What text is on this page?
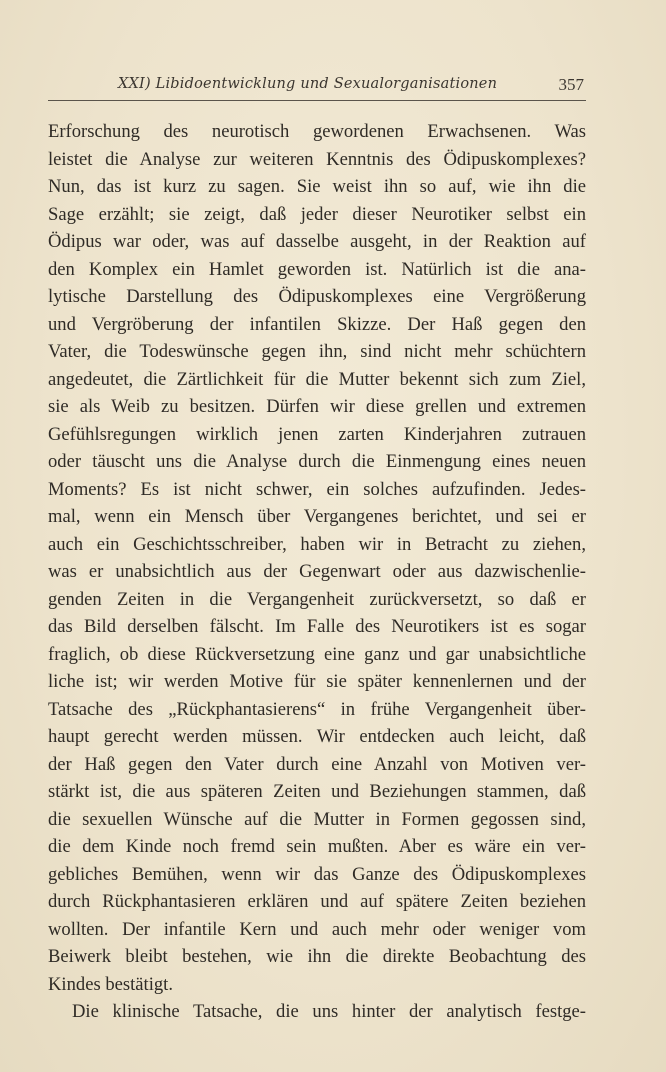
XXI) Libidoentwicklung und Sexualorganisationen	357
Erforschung des neurotisch gewordenen Erwachsenen. Was
leistet die Analyse zur weiteren Kenntnis des Ödipuskomplexes?
Nun, das ist kurz zu sagen. Sie weist ihn so auf, wie ihn die
Sage erzählt; sie zeigt, daß jeder dieser Neurotiker selbst ein
Ödipus war oder, was auf dasselbe ausgeht, in der Reaktion auf
den Komplex ein Hamlet geworden ist. Natürlich ist die ana-
lytische Darstellung des Ödipuskomplexes eine Vergrößerung
und Vergröberung der infantilen Skizze. Der Haß gegen den
Vater, die Todeswünsche gegen ihn, sind nicht mehr schüchtern
angedeutet, die Zärtlichkeit für die Mutter bekennt sich zum Ziel,
sie als Weib zu besitzen. Dürfen wir diese grellen und extremen
Gefühlsregungen wirklich jenen zarten Kinderjahren zutrauen
oder täuscht uns die Analyse durch die Einmengung eines neuen
Moments? Es ist nicht schwer, ein solches aufzufinden. Jedes-
mal, wenn ein Mensch über Vergangenes berichtet, und sei er
auch ein Geschichtsschreiber, haben wir in Betracht zu ziehen,
was er unabsichtlich aus der Gegenwart oder aus dazwischenlie-
genden Zeiten in die Vergangenheit zurückversetzt, so daß er
das Bild derselben fälscht. Im Falle des Neurotikers ist es sogar
fraglich, ob diese Rückversetzung eine ganz und gar unabsichtliche
liche ist; wir werden Motive für sie später kennenlernen und der
Tatsache des „Rückphantasierens“ in frühe Vergangenheit über-
haupt gerecht werden müssen. Wir entdecken auch leicht, daß
der Haß gegen den Vater durch eine Anzahl von Motiven ver-
stärkt ist, die aus späteren Zeiten und Beziehungen stammen, daß
die sexuellen Wünsche auf die Mutter in Formen gegossen sind,
die dem Kinde noch fremd sein mußten. Aber es wäre ein ver-
gebliches Bemühen, wenn wir das Ganze des Ödipuskomplexes
durch Rückphantasieren erklären und auf spätere Zeiten beziehen
wollten. Der infantile Kern und auch mehr oder weniger vom
Beiwerk bleibt bestehen, wie ihn die direkte Beobachtung des
Kindes bestätigt.
Die klinische Tatsache, die uns hinter der analytisch festge-
